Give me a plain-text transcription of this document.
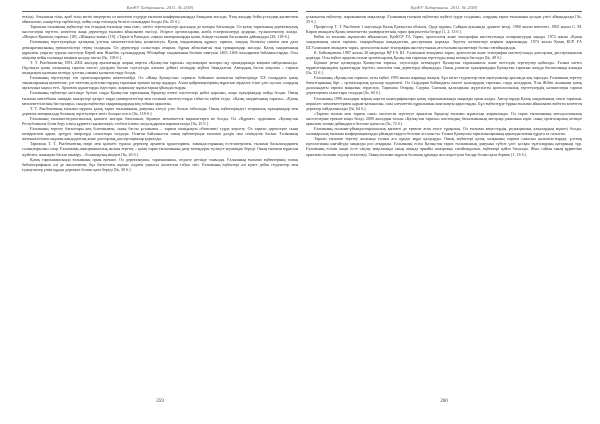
ҚазҰУ Хабаршысы. 2011. № 2(58)

өткізді. Ағылшын тілін, араб тілін жетік меңгерген ол көптеген елдерде ғылыми конференцияларда баяндама жасады. Ұзақ жылдар бойы ұстаздық қызметпен айналысып, шәкірттер тәрбиеледі, кейін олар еліміздің белгілі ғалымдары болды [№, 25 б.].

Тарихшы ғалымның еңбектері тек отандық ғылымда ғана емес, шетел зерттеушілері арасында да жоғары бағаланды. Ол қазақ тарихының деректанулық мәселелерін зерттеп, көптеген жаңа деректерді ғылыми айналымға енгізді. Әсіресе ортағасырлық жазба ескерткіштерді аударып, түсініктемелер жазды. «Моңғол-Қыпшақ тарихы» [18], «Шыңғыс-нама» [19], «Тарих-и Рашиди» сияқты шығармаларды қазақ тілінде ғылыми басылымға дайындады [20, 118-б.].

Ғалымның зерттеулерінде қазақтың ұлттық мемлекеттілігінің қалыптасуы, Қазақ хандығының құрылу тарихы, хандық биліктің сипаты мен дала демократиясының ерекшеліктері терең талданды. Ол деректерді салыстыра отырып, бұрын айтылмаған тың тұжырымдар жасады. Қазақ хандығының құрылған уақыты туралы мәселеде Керей мен Жәнібек сұлтандардың Әбілқайыр хандығынан бөлініп шығуын 1465–1466 жылдармен байланыстырды. Осы пікірлер кейін ғылымда кеңінен қолдау тапты [№, 118-б.].

Т. Т. Рысбековтың 1991–2002 жылдар аралығында жарық көрген «Қазақстан тарихы» оқулықтары жоғары оқу орындарында кеңінен пайдаланылды. Оқулықта қазақ халқының тарихы ежелгі дәуірден бастап тәуелсіздік алғанға дейінгі кезеңдер жүйелі баяндалған. Автордың басты мақсаты – тарихи шындықты қалпына келтіру, ұлттық сананы қалыптастыру болды.

Ғалымның зерттеулері тек ортағасырлармен шектелмейді. Ол «Жаңа Қазақстан» сериясы бойынша жазылған еңбектерінде ХХ ғасырдағы қазақ зиялыларының қызметіне, ұлт-азаттық қозғалыстардың тарихына ерекше назар аударды. Алаш қайраткерлерінің мұрасын зерделеу ісіне үлес қосып, олардың ақталуына ықпал етті. Архивтік құжаттарды іздестіріп, жариялау жұмыстарын ұйымдастырды.

Ғалымның еңбектері негізінде бүгінгі таңда Қазақстан тарихының бірқатар өзекті мәселелері қайта қаралып, жаңа тұжырымдар пайда болды. Оның ғылыми мектебінен шыққан шәкірттері қазіргі таңда университеттер мен ғылыми институттарда табысты еңбек етуде. «Қазақ хандығының тарихы», «Қазақ мемлекеттілігінің бастаулары» сынды еңбектері оқырмандардың кең тобына арналған.

Т. Т. Рысбековтың ғылыми мұрасы қазақ тарих ғылымының дамуына елеулі үлес болып табылады. Оның еңбектеріндегі теориялық тұжырымдар мен деректік материалдар болашақ зерттеулерге негіз болары сөзсіз [№, 118-б.].

Ғалымның ғылыми-педагогикалық қызметі жоғары бағаланып, бірнеше мемлекеттік марапаттарға ие болды. Ол «Құрмет» орденімен, «Қазақстан Республикасы білім беру ісінің құрметті қызметкері» төсбелгісімен, медальдармен марапатталды [№, 25 б.].

Ғалымның зерттеу бағыттары кең болғанымен, оның басты ұстанымы – тарихи шындықты объективті түрде көрсету. Ол тарихи деректерге сыни көзқараспен қарап, әртүрлі пікірлерді салыстыра талдады. Осыған байланысты оның еңбектерінде ғылыми дәлдік пен сенімділік басым. Ғалымның жетекшілігімен ондаған кандидаттық және докторлық диссертациялар қорғалды.

Тарихшы Т. Т. Рысбековтың өмірі мен қызметі туралы деректер архивтік құжаттармен, замандастарының естеліктерімен, ғылыми басылымдармен толықтырылып отыр. Ғалымның шығармашылық жолын зерттеу – қазақ тарих ғылымының даму кезеңдерін түсінуге мүмкіндік береді. Оның ғылыми мұрасын жүйелеп, жинақтап басып шығару – болашақтың міндеті [№, 26 б.].

Қазақ тарихнамасында ғалымның орны ерекше. Ол деректанушы, тарихнамашы, педагог ретінде танылды. Ғалымның ғылыми еңбектерінің толық библиографиясы әлі де жасалмаған, бұл бағыттағы жұмыс алдағы уақытта жалғасын табуы тиіс. Ғалымның еңбектері әлі күнге дейін студенттер мен ізденушілер үшін құнды дереккөз болып қала береді [№, 30 б.].

259
ҚазҰУ Хабаршысы. 2011. № 2(58)

ұсынылған еңбектер, жарияланған мақалалар. Ғалымның ғылыми еңбектері жүйелі түрде талданып, олардың тарих ғылымына қосқан үлесі айқындалды [№, 35 б.].

Профессор Т. Т. Рысбеков 1 маусымда Қазақ Қазақстан облысы, Орда ауданы, Сайқын ауылында дүниеге келді. 1960 жылы мектепті, 1965 жылы С. М. Киров атындағы Қазақ мемлекеттік университетінің тарих факультетін бітірді [1, 2, 13 б.].

Кейін ол ғылыми жұмыспен айналысып, ҚазКСР ҒА Тарих, археология және этнография институтында аспирантурада оқыды. 1972 жылы «Қазақ хандығының саяси тарихы» тақырыбында кандидаттық диссертация қорғады. Зерттеу нәтижелері кеңінен жарияланды. 1974 жылы Қазақ КСР ҒА Ш.Уәлиханов атындағы тарих, археология және этнография институтының аға ғылыми қызметкері болып тағайындалды.

К. Байпақовпен 1987 жылы 20 наурызда ҚР ҒА Ш. Уәлиханов атындағы тарих, археология және этнография институтында докторлық диссертациясын қорғады. Осы еңбегі арқылы ғалым ортағасырлық Қазақстан тарихын зерттеудің жаңа кезеңін бастады [№, 49 б.].

Бірінші ретке қазақтарды Қазақстан тарихы, тәуелсіздік кезеңіндегі Қазақстан тарихнамасы және шетелдік зерттеулер қойылды. Ғалым шетел мұрағаттарындағы құжаттарды зерттеп, көптеген тың деректерді айқындады. Оның ұсынған тұжырымдары Қазақстан тарихын жазуда басшылыққа алынды [№, 52 б.].

Ғалымның «Қазақстан тарихы» атты еңбегі 1995 жылы жарыққа шықты. Бұл кітап студенттер мен оқытушылар арасында кең таралды. Ғалымның зерттеу бағыттарының бірі – ортағасырлық қалалар мәдениеті. Ол Сырдария бойындағы ежелгі қалалардың тарихын, сауда жолдарын, Ұлы Жібек жолының қазақ даласындағы тарихи маңызын зерделеді. Тарихшы Отырар, Сауран, Сығанақ қалаларына жүргізілген археологиялық зерттеулердің нәтижелерін тарихи деректермен салыстыра талдады [№, 60 б.].

Ғалымның 1990 жылдары жарық көрген монографиялары қазақ тарихнамасында маңызды орын алады. Автор мұнда Қазақ хандығының саяси тарихын, көршілес мемлекеттермен қарым-қатынасын, ішкі әлеуметтік құрылымын жан-жақты қарастырды. Бұл еңбектерде бұрын ғылыми айналымға енбеген көптеген деректер пайдаланылды [№, 64 б.].

«Тарихи ғылым мен тарихи сана» мәселесін зерттеуге арналған бірқатар ғылыми жұмыстар жарияланды. Ол тарих ғылымының методологиялық мәселелеріне ерекше көңіл бөлді. 2000 жылдары ғалым «Қазақстан тарихы» көптомдық басылымының авторлар ұжымына кіріп, оның ортағасырлық кезеңге арналған томын дайындауға белсене қатысты [№, 72 б.].

Ғалымның ғылыми-ұйымдастырушылық қызметі де ерекше атап өтуге тұрарлық. Ол ғылыми кеңестердің, редакциялық алқалардың мүшесі болды, халықаралық ғылыми конференцияларды ұйымдастыруға белсене атсалысты. Ғалым Қазақстан тарихшыларының қауымдастығын құруға ат салысты.

Тарихи ғылыми зерттеу жолында ғалым аса құнды мұра қалдырды. Оның еңбектері қазақ халқының тарихи санасын қалыптастыруда, ұлттық идеологияны нығайтуда маңызды рөл атқарады. Ғалымның есімі Қазақстан тарих ғылымының дамуына сүбелі үлес қосқан тұлғалардың қатарында тұр. Ғалымның есімін мәңгі есте сақтау мақсатында оның атында арнайы шәкіртақы тағайындалып, еңбектері қайта басылды. Жыл сайын оның құрметіне арналған ғылыми оқулар өткізіледі. Оның ғылыми мұрасы болашақ ұрпаққа жол көрсетуші бағдар болып қала бермек [1, 16 б.].

260
